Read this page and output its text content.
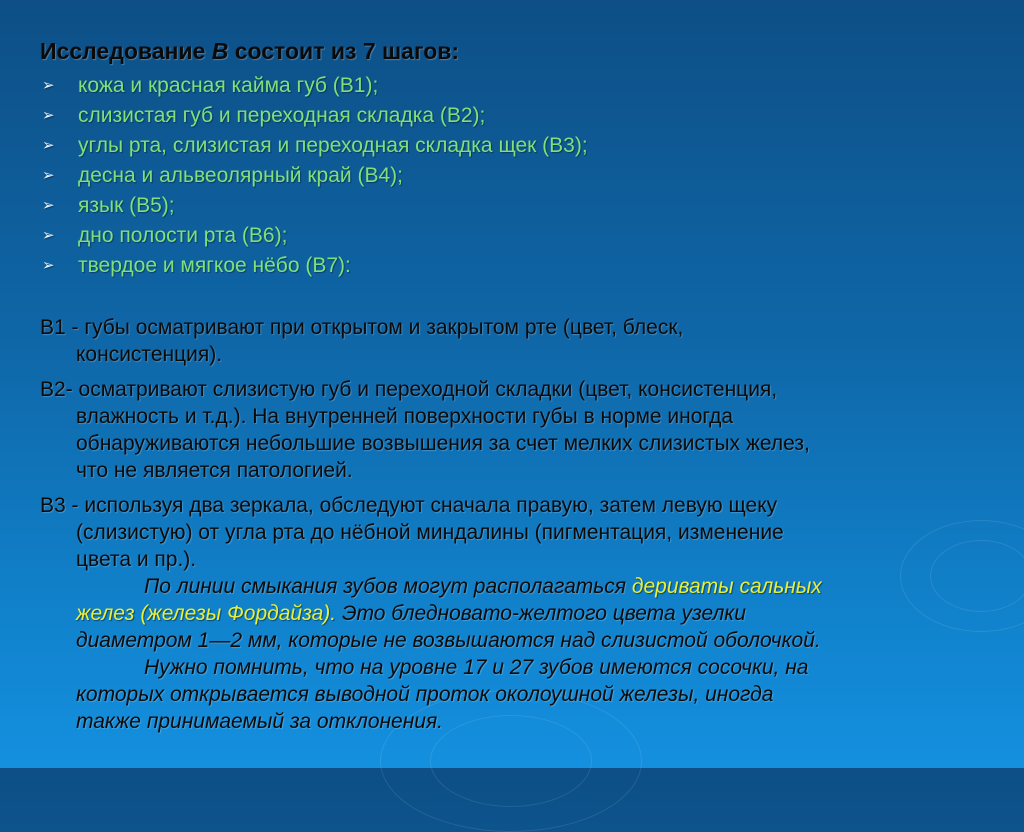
Исследование В состоит из 7 шагов:
➢ кожа и красная кайма губ (В1);
➢ слизистая губ и переходная складка (В2);
➢ углы рта, слизистая и переходная складка щек (В3);
➢ десна и альвеолярный край (В4);
➢ язык (В5);
➢ дно полости рта (В6);
➢ твердое и мягкое нёбо (В7):

В1 - губы осматривают при открытом и закрытом рте (цвет, блеск,
консистенция).

В2- осматривают слизистую губ и переходной складки (цвет, консистенция,
влажность и т.д.). На внутренней поверхности губы в норме иногда
обнаруживаются небольшие возвышения за счет мелких слизистых желез,
что не является патологией.

В3 - используя два зеркала, обследуют сначала правую, затем левую щеку
(слизистую) от угла рта до нёбной миндалины (пигментация, изменение
цвета и пр.).

По линии смыкания зубов могут располагаться дериваты сальных
желез (железы Фордайза). Это бледновато-желтого цвета узелки
диаметром 1—2 мм, которые не возвышаются над слизистой оболочкой.

Нужно помнить, что на уровне 17 и 27 зубов имеются сосочки, на
которых открывается выводной проток околоушной железы, иногда
также принимаемый за отклонения.
